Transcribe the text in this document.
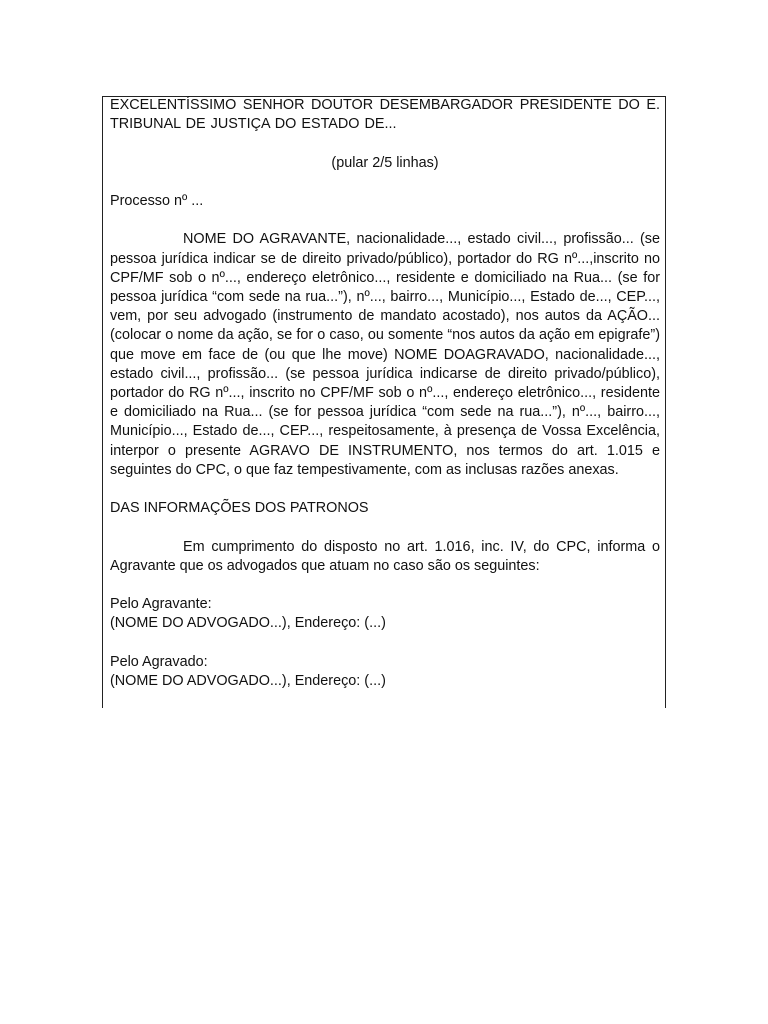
EXCELENTÍSSIMO SENHOR DOUTOR DESEMBARGADOR PRESIDENTE DO E. TRIBUNAL DE JUSTIÇA DO ESTADO DE...

(pular 2/5 linhas)

Processo nº ...

NOME DO AGRAVANTE, nacionalidade..., estado civil..., profissão... (se pessoa jurídica indicar se de direito privado/público), portador do RG nº...,inscrito no CPF/MF sob o nº..., endereço eletrônico..., residente e domiciliado na Rua... (se for pessoa jurídica “com sede na rua...”), nº..., bairro..., Município..., Estado de..., CEP..., vem, por seu advogado (instrumento de mandato acostado), nos autos da AÇÃO... (colocar o nome da ação, se for o caso, ou somente “nos autos da ação em epigrafe”) que move em face de (ou que lhe move) NOME DOAGRAVADO, nacionalidade..., estado civil..., profissão... (se pessoa jurídica indicarse de direito privado/público), portador do RG nº..., inscrito no CPF/MF sob o nº..., endereço eletrônico..., residente e domiciliado na Rua... (se for pessoa jurídica “com sede na rua...”), nº..., bairro..., Município..., Estado de..., CEP..., respeitosamente, à presença de Vossa Excelência, interpor o presente AGRAVO DE INSTRUMENTO, nos termos do art. 1.015 e seguintes do CPC, o que faz tempestivamente, com as inclusas razões anexas.

DAS INFORMAÇÕES DOS PATRONOS

Em cumprimento do disposto no art. 1.016, inc. IV, do CPC, informa o Agravante que os advogados que atuam no caso são os seguintes:

Pelo Agravante:

(NOME DO ADVOGADO...), Endereço: (...)

Pelo Agravado:

(NOME DO ADVOGADO...), Endereço: (...)
